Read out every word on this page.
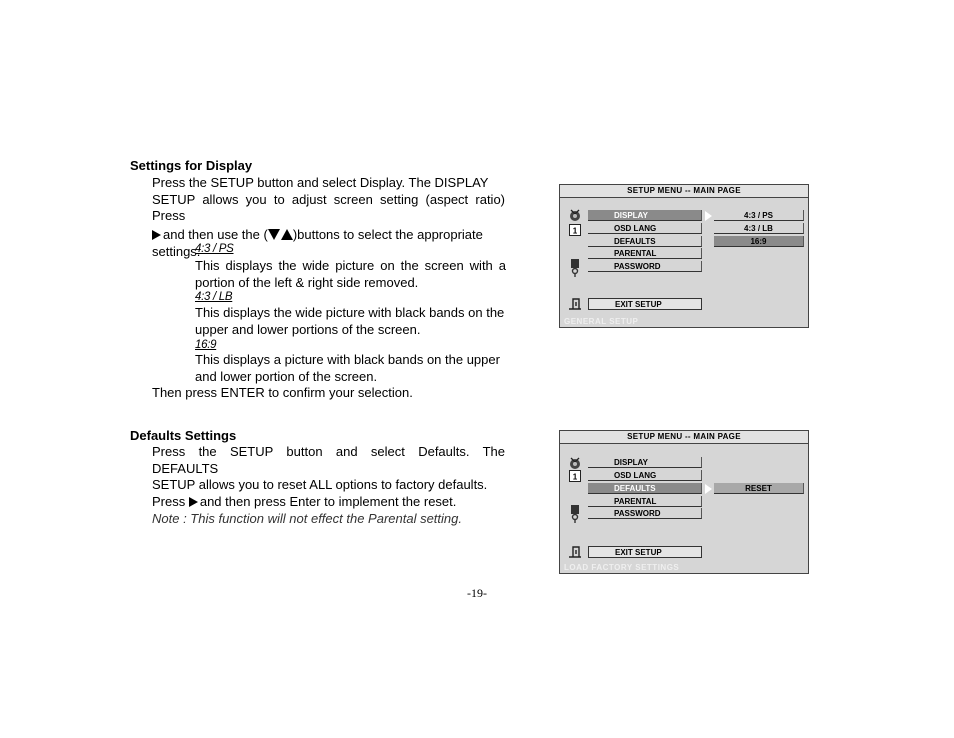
Settings for Display
Press the SETUP button and select Display. The DISPLAY
SETUP allows you to adjust screen setting (aspect ratio) Press
and then use the ( )buttons to select the appropriate
settings.
4:3 / PS
This displays the wide picture on the screen with a portion of the left & right side removed.
4:3 / LB
This displays the wide picture with black bands on the upper and lower portions of the screen.
16:9
This displays a picture with black bands on the upper and lower portion of the screen.
Then press ENTER to confirm your selection.
Defaults Settings
Press the SETUP button and select Defaults. The DEFAULTS
SETUP allows you to reset ALL options to factory defaults.
Press and then press Enter to implement the reset.
Note : This function will not effect the Parental setting.
SETUP MENU -- MAIN PAGE
1
DISPLAY
OSD LANG
DEFAULTS
PARENTAL
PASSWORD
4:3 / PS
4:3 / LB
16:9
EXIT SETUP
GENERAL SETUP
SETUP MENU -- MAIN PAGE
1
DISPLAY
OSD LANG
DEFAULTS
PARENTAL
PASSWORD
RESET
EXIT SETUP
LOAD FACTORY SETTINGS
-19-
